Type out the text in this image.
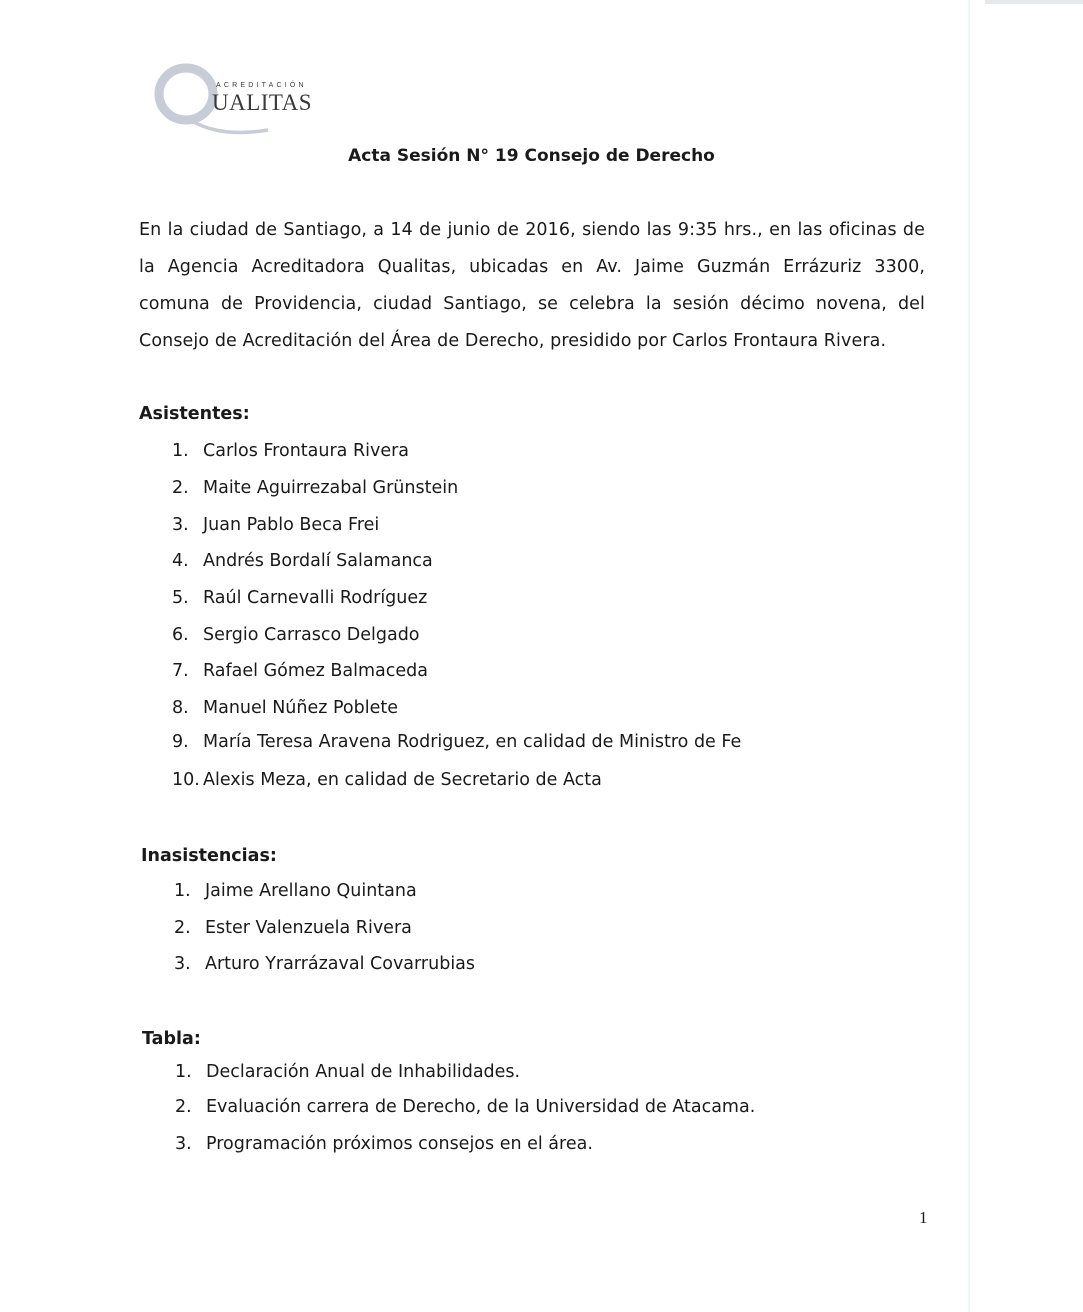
ACREDITACIÓN
UALITAS
Acta Sesión N° 19 Consejo de Derecho

En la ciudad de Santiago, a 14 de junio de 2016, siendo las 9:35 hrs., en las oficinas de la Agencia Acreditadora Qualitas, ubicadas en Av. Jaime Guzmán Errázuriz 3300, comuna de Providencia, ciudad Santiago, se celebra la sesión décimo novena, del Consejo de Acreditación del Área de Derecho, presidido por Carlos Frontaura Rivera.

Asistentes:
1. Carlos Frontaura Rivera
2. Maite Aguirrezabal Grünstein
3. Juan Pablo Beca Frei
4. Andrés Bordalí Salamanca
5. Raúl Carnevalli Rodríguez
6. Sergio Carrasco Delgado
7. Rafael Gómez Balmaceda
8. Manuel Núñez Poblete
9. María Teresa Aravena Rodriguez, en calidad de Ministro de Fe
10. Alexis Meza, en calidad de Secretario de Acta
Inasistencias:
1. Jaime Arellano Quintana
2. Ester Valenzuela Rivera
3. Arturo Yrarrázaval Covarrubias
Tabla:
1. Declaración Anual de Inhabilidades.
2. Evaluación carrera de Derecho, de la Universidad de Atacama.
3. Programación próximos consejos en el área.
1
